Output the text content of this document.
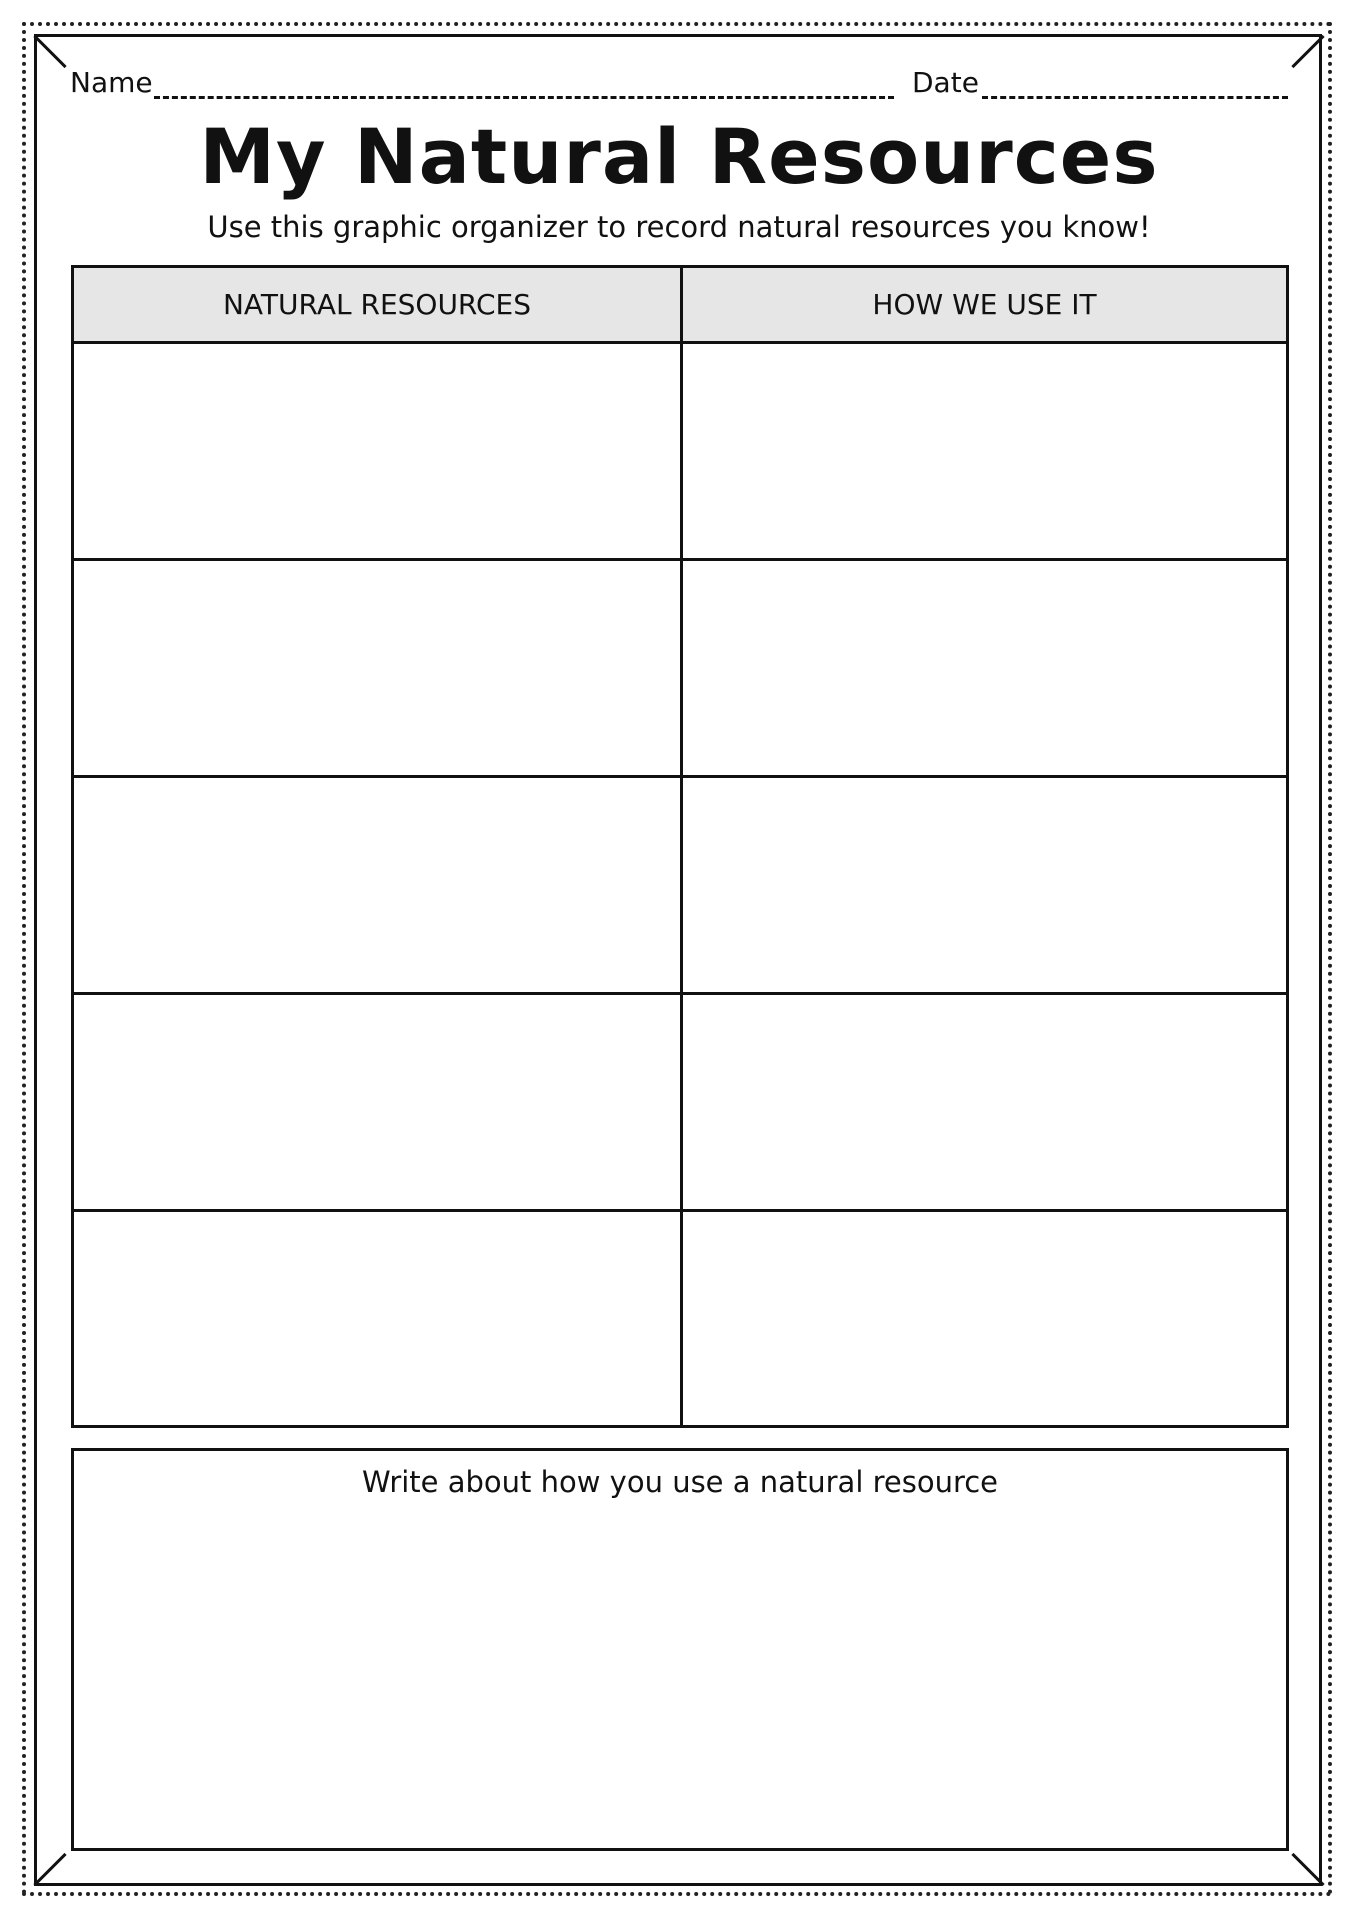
Name	Date
My Natural Resources
Use this graphic organizer to record natural resources you know!
NATURAL RESOURCES	HOW WE USE IT
Write about how you use a natural resource
